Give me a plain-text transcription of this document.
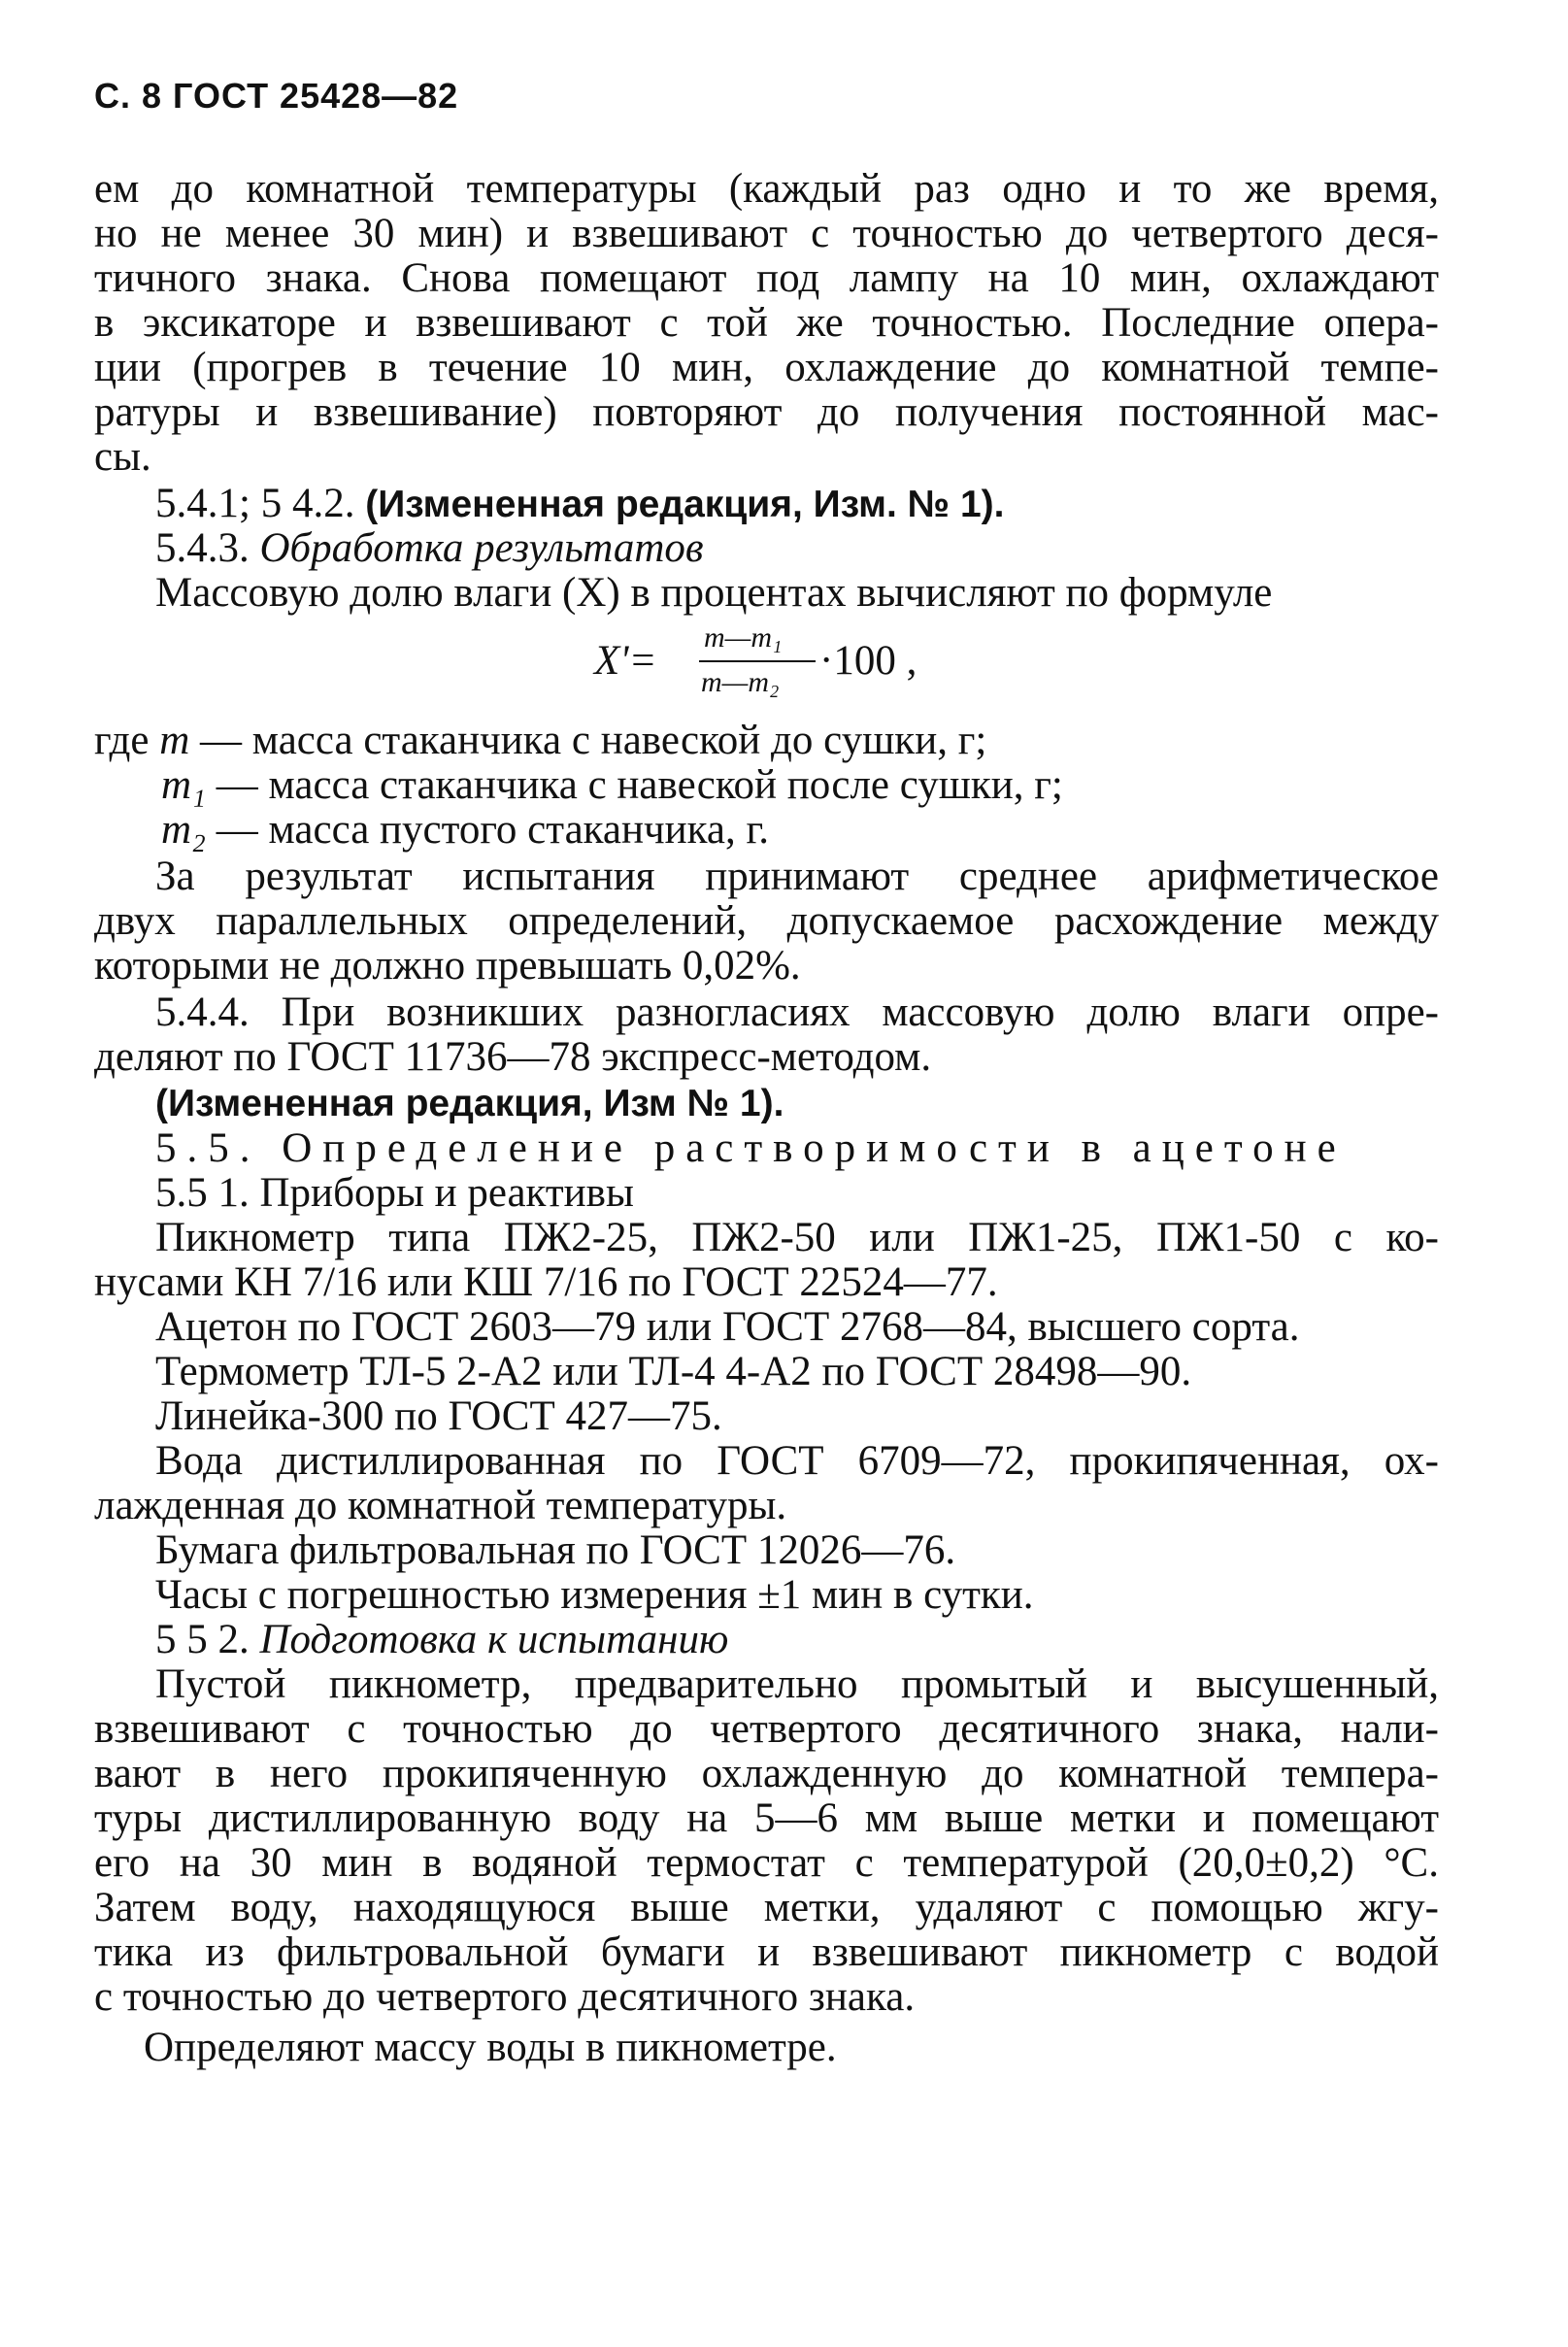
С. 8 ГОСТ 25428—82
ем до комнатной температуры (каждый раз одно и то же время,
но не менее 30 мин) и взвешивают с точностью до четвертого деся-
тичного знака. Снова помещают под лампу на 10 мин, охлаждают
в эксикаторе и взвешивают с той же точностью. Последние опера-
ции (прогрев в течение 10 мин, охлаждение до комнатной темпе-
ратуры и взвешивание) повторяют до получения постоянной мас-
сы.
5.4.1; 5 4.2. (Измененная редакция, Изм. № 1).
5.4.3. Обработка результатов
Массовую долю влаги (X) в процентах вычисляют по формуле
X'=
m—m₁
m—m₂ ·100 ,
где m — масса стаканчика с навеской до сушки, г;
m₁ — масса стаканчика с навеской после сушки, г;
m₂ — масса пустого стаканчика, г.
За результат испытания принимают среднее арифметическое
двух параллельных определений, допускаемое расхождение между
которыми не должно превышать 0,02%.
5.4.4. При возникших разногласиях массовую долю влаги опре-
деляют по ГОСТ 11736—78 экспресс-методом.
(Измененная редакция, Изм № 1).
5.5. Определение растворимости в ацетоне
5.5 1. Приборы и реактивы
Пикнометр типа ПЖ2-25, ПЖ2-50 или ПЖ1-25, ПЖ1-50 с ко-
нусами КН 7/16 или КШ 7/16 по ГОСТ 22524—77.
Ацетон по ГОСТ 2603—79 или ГОСТ 2768—84, высшего сорта.
Термометр ТЛ-5 2-А2 или ТЛ-4 4-А2 по ГОСТ 28498—90.
Линейка-300 по ГОСТ 427—75.
Вода дистиллированная по ГОСТ 6709—72, прокипяченная, ох-
лажденная до комнатной температуры.
Бумага фильтровальная по ГОСТ 12026—76.
Часы с погрешностью измерения ±1 мин в сутки.
5 5 2. Подготовка к испытанию
Пустой пикнометр, предварительно промытый и высушенный,
взвешивают с точностью до четвертого десятичного знака, нали-
вают в него прокипяченную охлажденную до комнатной темпера-
туры дистиллированную воду на 5—6 мм выше метки и помещают
его на 30 мин в водяной термостат с температурой (20,0±0,2) °С.
Затем воду, находящуюся выше метки, удаляют с помощью жгу-
тика из фильтровальной бумаги и взвешивают пикнометр с водой
с точностью до четвертого десятичного знака.
Определяют массу воды в пикнометре.
